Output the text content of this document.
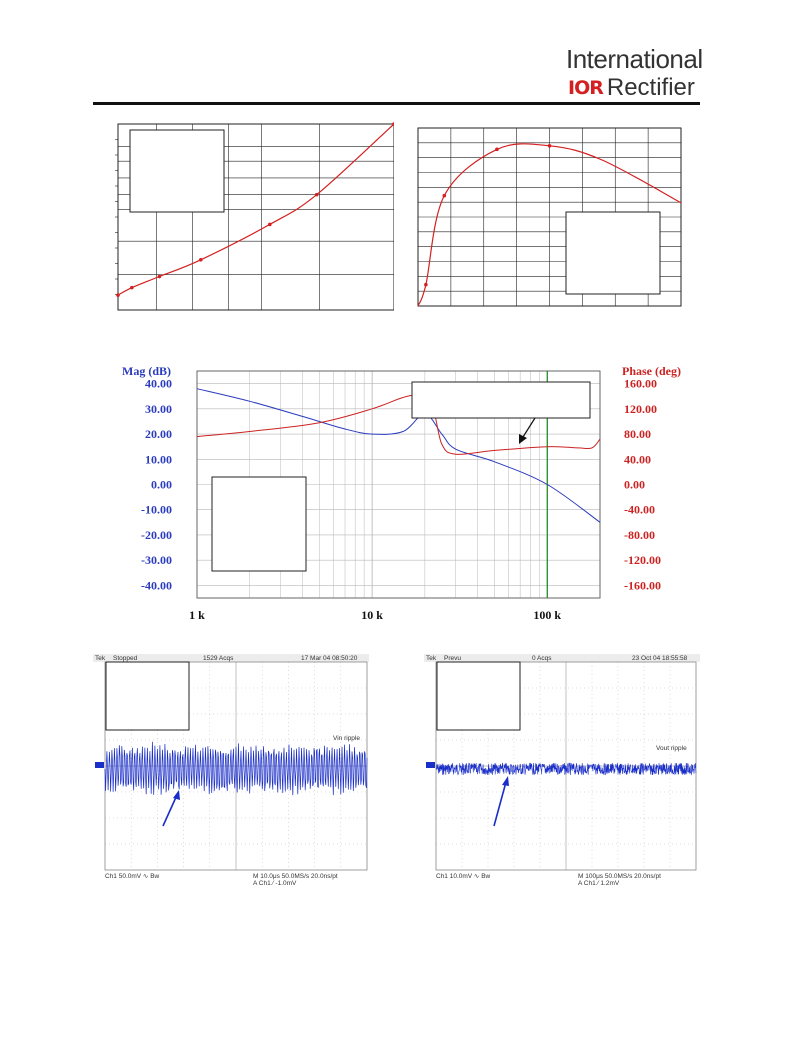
International
IOR Rectifier
Mag (dB)	Phase (deg)
40.00
30.00
20.00
10.00
0.00
-10.00
-20.00
-30.00
-40.00
160.00
120.00
80.00
40.00
0.00
-40.00
-80.00
-120.00
-160.00
1 k	10 k	100 k
Tek Stopped	1529 Acqs	17 Mar 04 08:50:20
Vin ripple
Ch1 50.0mV ∿ Bw	M 10.0μs 50.0MS/s 20.0ns/pt
A Ch1 ∕ -1.0mV
Tek Prevu	0 Acqs	23 Oct 04 18:55:58
Vout ripple
Ch1 10.0mV ∿ Bw	M 100μs 50.0MS/s 20.0ns/pt
A Ch1 ∕ 1.2mV
